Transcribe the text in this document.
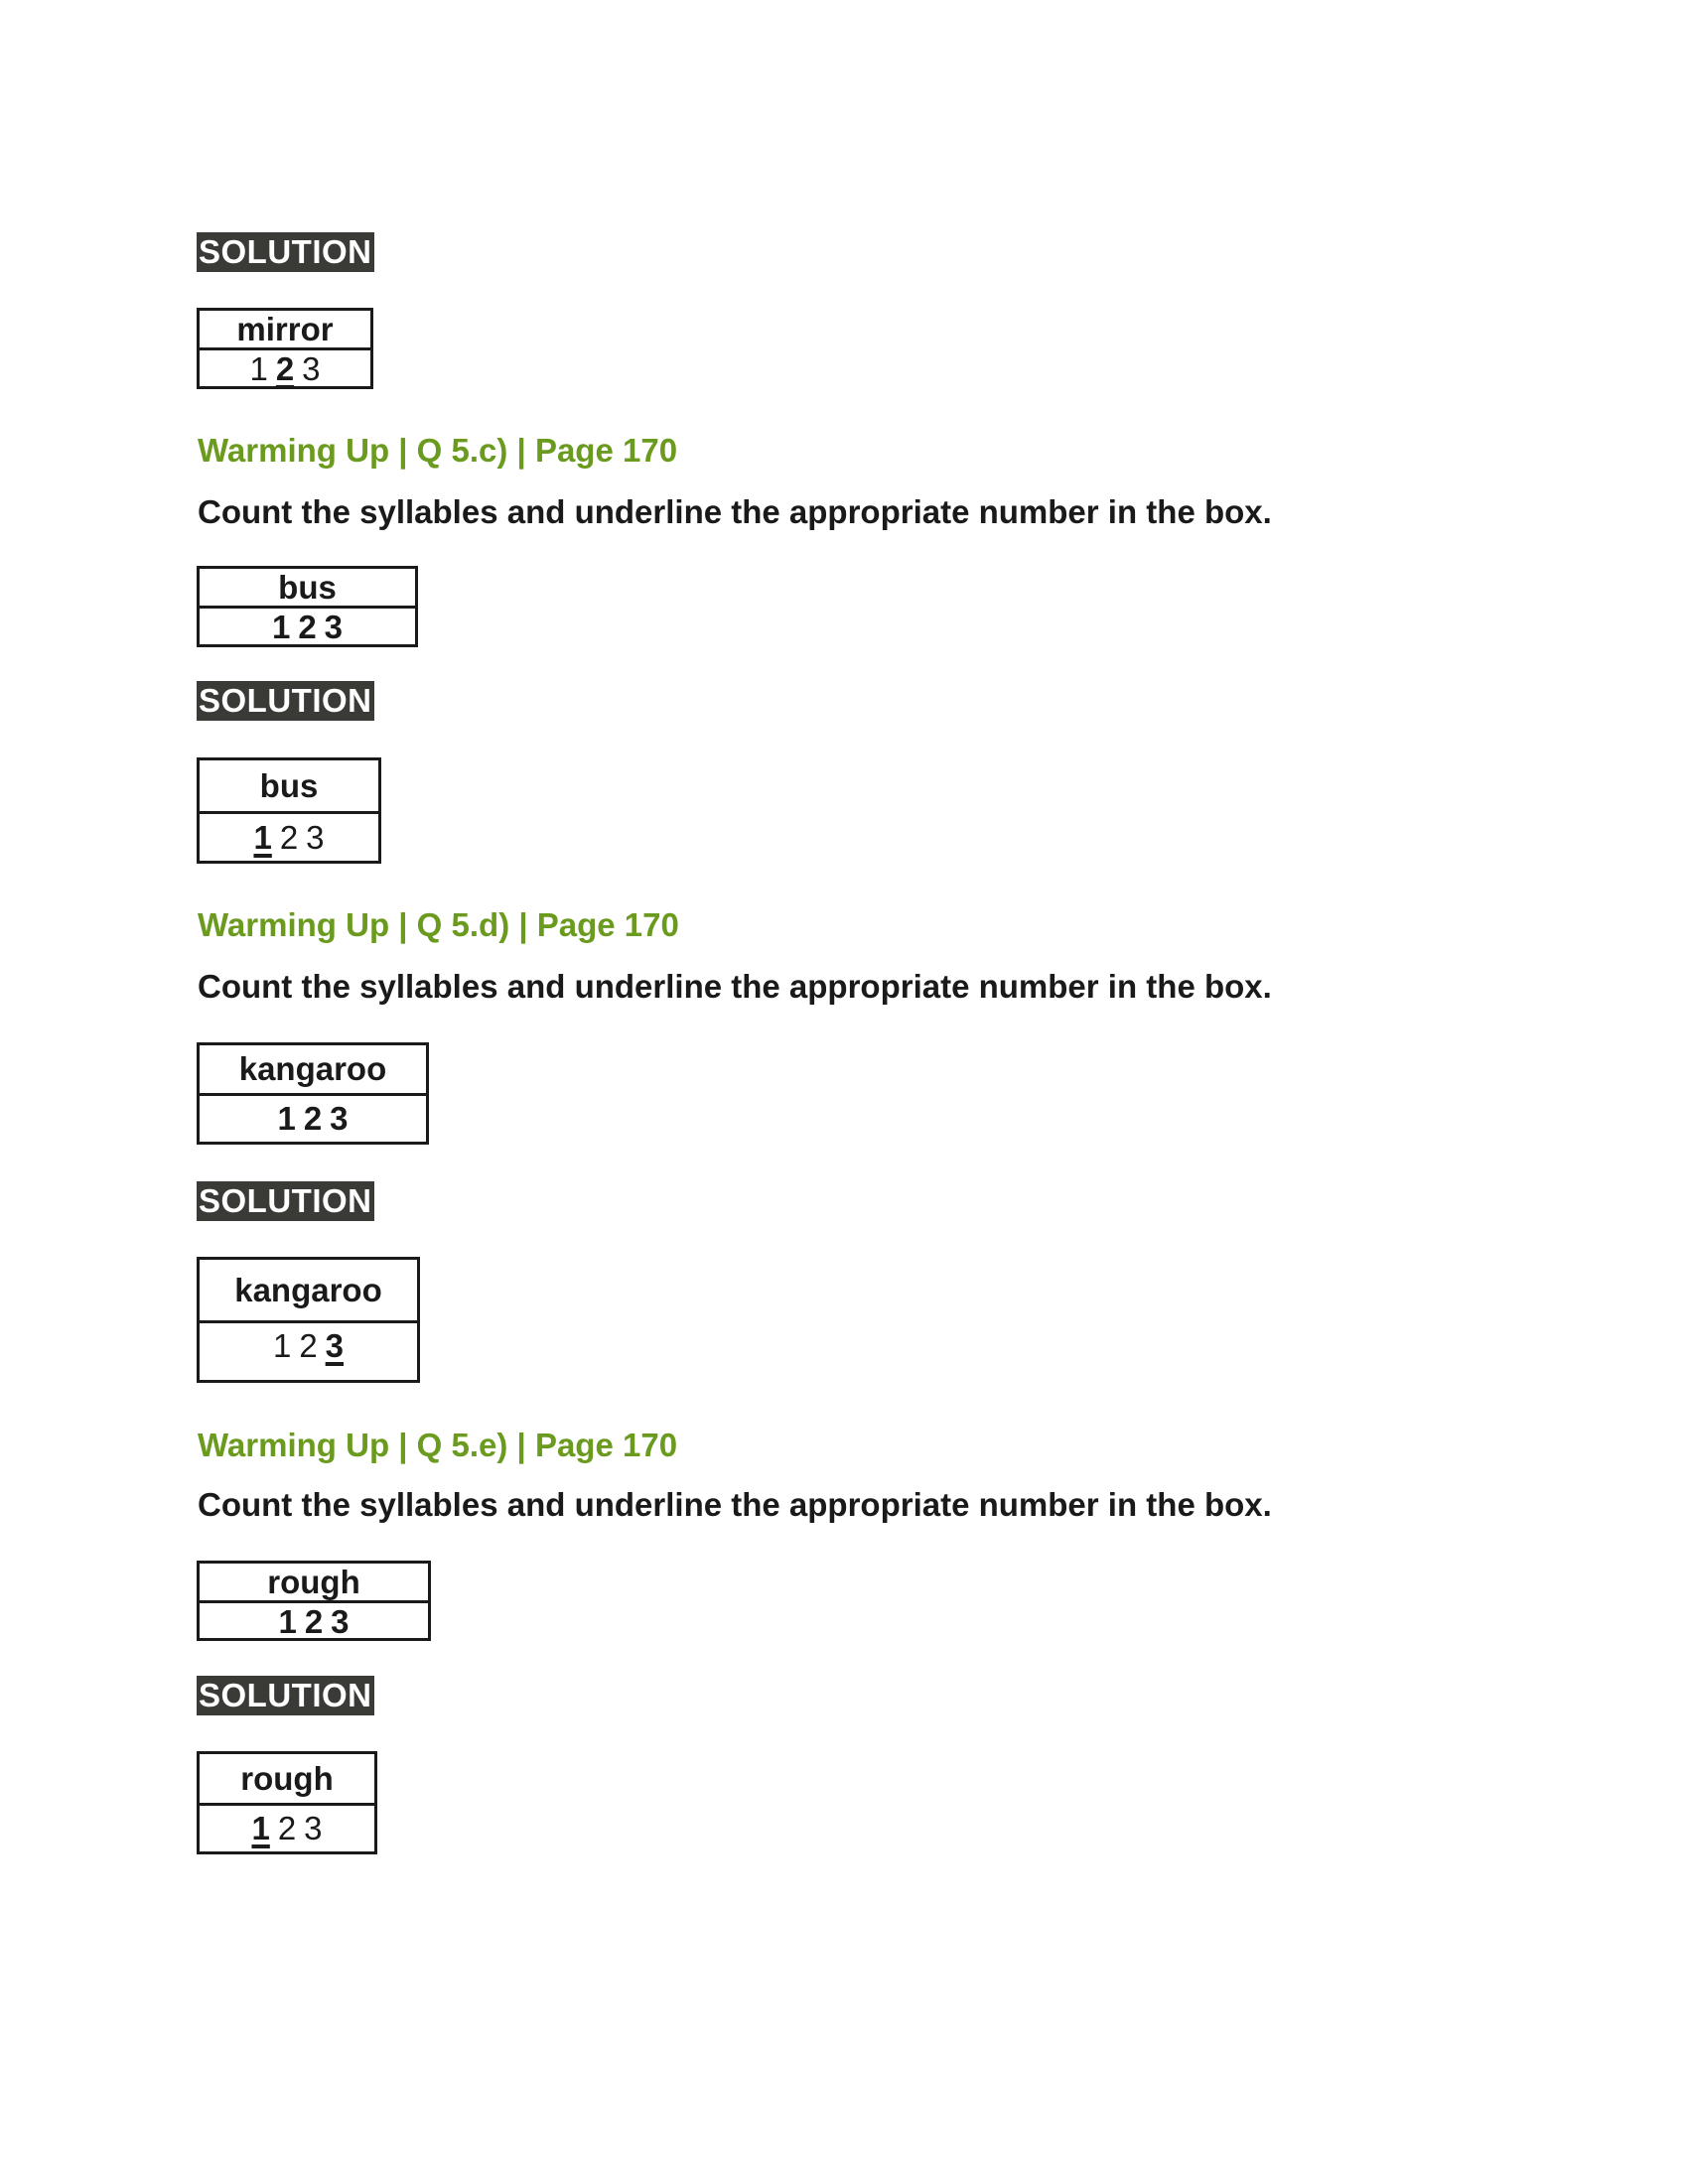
SOLUTION
mirror
1 2 3
Warming Up | Q 5.c) | Page 170
Count the syllables and underline the appropriate number in the box.
bus
1 2 3
SOLUTION
bus
1 2 3
Warming Up | Q 5.d) | Page 170
Count the syllables and underline the appropriate number in the box.
kangaroo
1 2 3
SOLUTION
kangaroo
1 2 3
Warming Up | Q 5.e) | Page 170
Count the syllables and underline the appropriate number in the box.
rough
1 2 3
SOLUTION
rough
1 2 3
